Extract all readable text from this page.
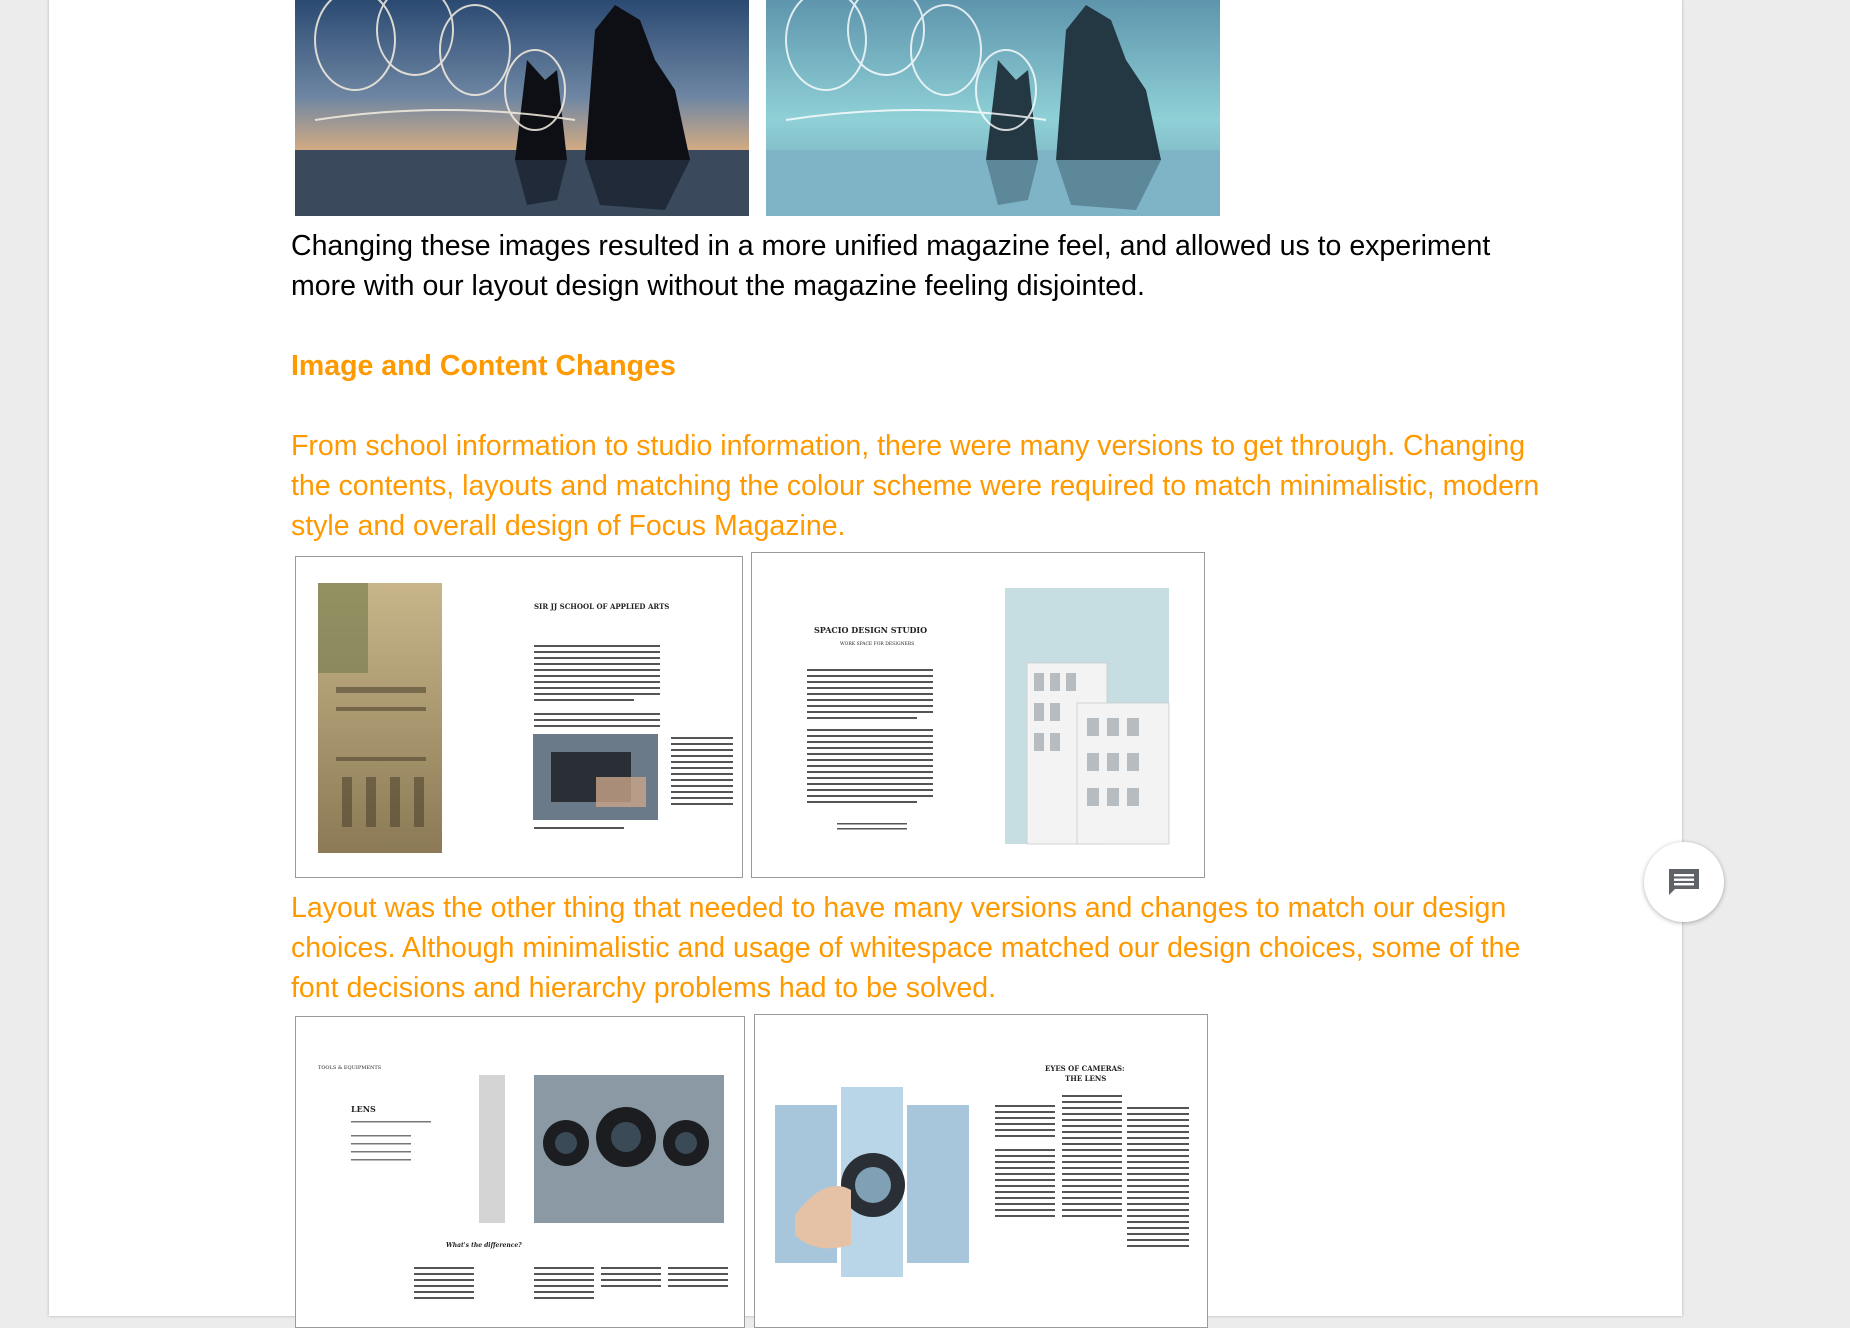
Changing these images resulted in a more unified magazine feel, and allowed us to experiment more with our layout design without the magazine feeling disjointed.

Image and Content Changes

From school information to studio information, there were many versions to get through. Changing the contents, layouts and matching the colour scheme were required to match minimalistic, modern style and overall design of Focus Magazine.

SIR JJ SCHOOL OF APPLIED ARTS
SPACIO DESIGN STUDIO
WORK SPACE FOR DESIGNERS

Layout was the other thing that needed to have many versions and changes to match our design choices. Although minimalistic and usage of whitespace matched our design choices, some of the font decisions and hierarchy problems had to be solved.

TOOLS & EQUIPMENTS
LENS
What's the difference?
EYES OF CAMERAS:
THE LENS
